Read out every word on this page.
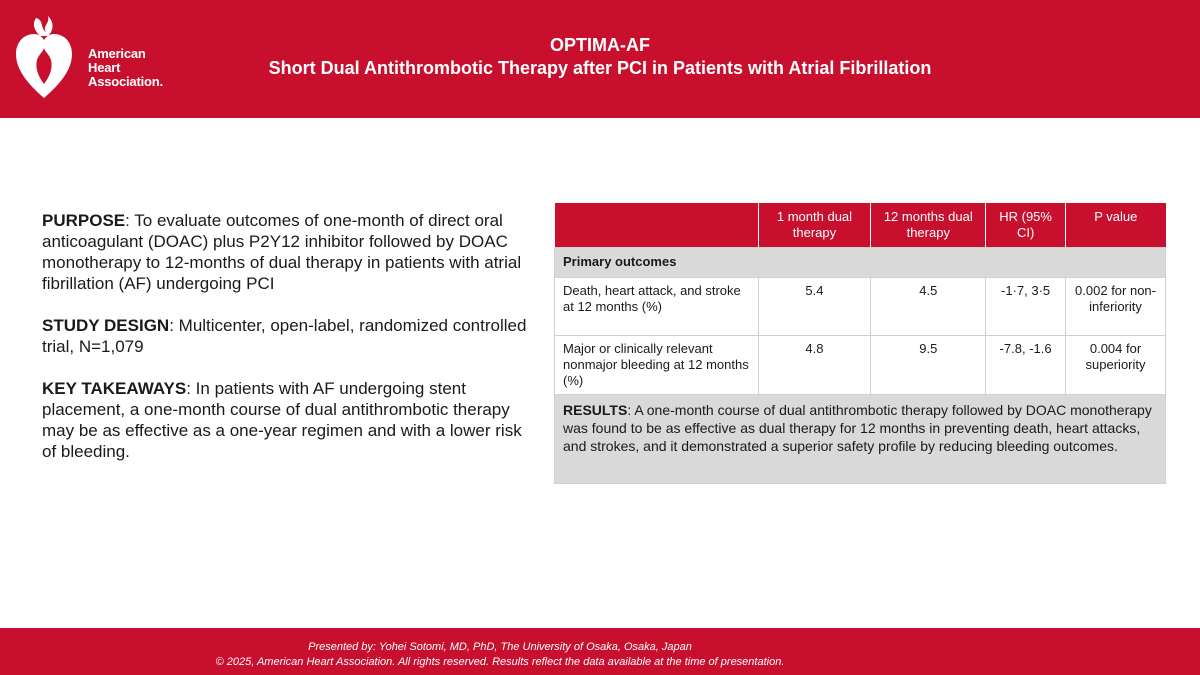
American
Heart
Association.
OPTIMA-AF
Short Dual Antithrombotic Therapy after PCI in Patients with Atrial Fibrillation

PURPOSE: To evaluate outcomes of one-month of direct oral anticoagulant (DOAC) plus P2Y12 inhibitor followed by DOAC monotherapy to 12-months of dual therapy in patients with atrial fibrillation (AF) undergoing PCI

STUDY DESIGN: Multicenter, open-label, randomized controlled trial, N=1,079

KEY TAKEAWAYS: In patients with AF undergoing stent placement, a one-month course of dual antithrombotic therapy may be as effective as a one-year regimen and with a lower risk of bleeding.

	1 month dual therapy	12 months dual therapy	HR (95% CI)	P value
Primary outcomes				
Death, heart attack, and stroke at 12 months (%)	5.4	4.5	-1·7, 3·5	0.002 for non-inferiority
Major or clinically relevant nonmajor bleeding at 12 months (%)	4.8	9.5	-7.8, -1.6	0.004 for superiority
RESULTS: A one-month course of dual antithrombotic therapy followed by DOAC monotherapy was found to be as effective as dual therapy for 12 months in preventing death, heart attacks, and strokes, and it demonstrated a superior safety profile by reducing bleeding outcomes.				
Presented by: Yohei Sotomi, MD, PhD, The University of Osaka, Osaka, Japan
© 2025, American Heart Association. All rights reserved. Results reflect the data available at the time of presentation.
